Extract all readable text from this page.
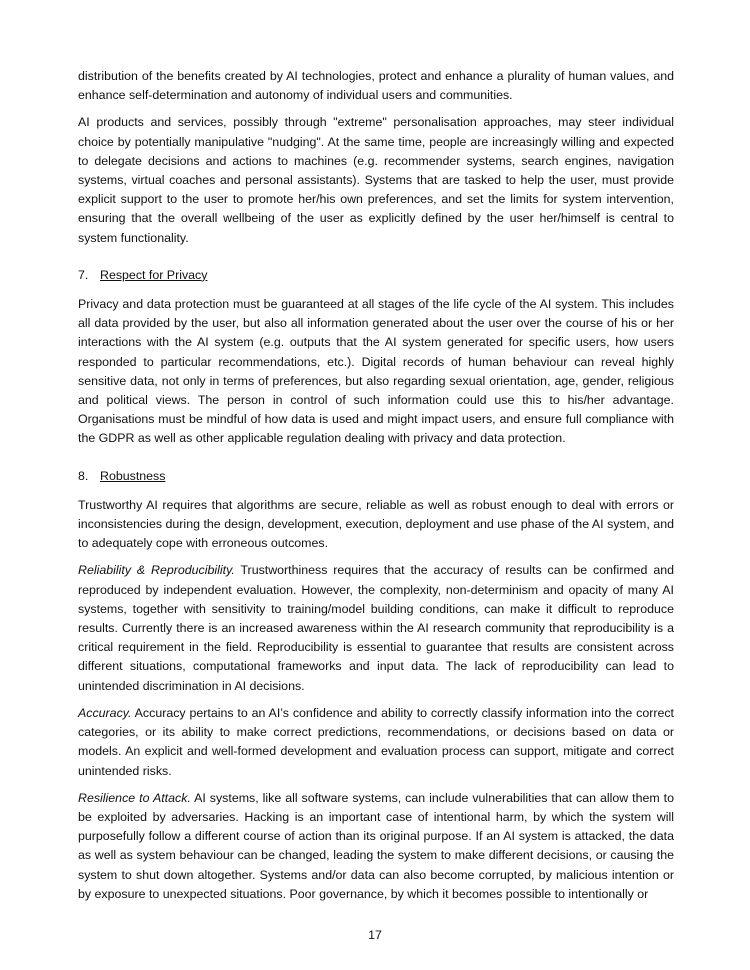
distribution of the benefits created by AI technologies, protect and enhance a plurality of human values, and enhance self-determination and autonomy of individual users and communities.

AI products and services, possibly through "extreme" personalisation approaches, may steer individual choice by potentially manipulative "nudging". At the same time, people are increasingly willing and expected to delegate decisions and actions to machines (e.g. recommender systems, search engines, navigation systems, virtual coaches and personal assistants). Systems that are tasked to help the user, must provide explicit support to the user to promote her/his own preferences, and set the limits for system intervention, ensuring that the overall wellbeing of the user as explicitly defined by the user her/himself is central to system functionality.

7. Respect for Privacy

Privacy and data protection must be guaranteed at all stages of the life cycle of the AI system. This includes all data provided by the user, but also all information generated about the user over the course of his or her interactions with the AI system (e.g. outputs that the AI system generated for specific users, how users responded to particular recommendations, etc.). Digital records of human behaviour can reveal highly sensitive data, not only in terms of preferences, but also regarding sexual orientation, age, gender, religious and political views. The person in control of such information could use this to his/her advantage. Organisations must be mindful of how data is used and might impact users, and ensure full compliance with the GDPR as well as other applicable regulation dealing with privacy and data protection.

8. Robustness

Trustworthy AI requires that algorithms are secure, reliable as well as robust enough to deal with errors or inconsistencies during the design, development, execution, deployment and use phase of the AI system, and to adequately cope with erroneous outcomes.

Reliability & Reproducibility. Trustworthiness requires that the accuracy of results can be confirmed and reproduced by independent evaluation. However, the complexity, non-determinism and opacity of many AI systems, together with sensitivity to training/model building conditions, can make it difficult to reproduce results. Currently there is an increased awareness within the AI research community that reproducibility is a critical requirement in the field. Reproducibility is essential to guarantee that results are consistent across different situations, computational frameworks and input data. The lack of reproducibility can lead to unintended discrimination in AI decisions.

Accuracy. Accuracy pertains to an AI’s confidence and ability to correctly classify information into the correct categories, or its ability to make correct predictions, recommendations, or decisions based on data or models. An explicit and well-formed development and evaluation process can support, mitigate and correct unintended risks.

Resilience to Attack. AI systems, like all software systems, can include vulnerabilities that can allow them to be exploited by adversaries. Hacking is an important case of intentional harm, by which the system will purposefully follow a different course of action than its original purpose. If an AI system is attacked, the data as well as system behaviour can be changed, leading the system to make different decisions, or causing the system to shut down altogether. Systems and/or data can also become corrupted, by malicious intention or by exposure to unexpected situations. Poor governance, by which it becomes possible to intentionally or

17
